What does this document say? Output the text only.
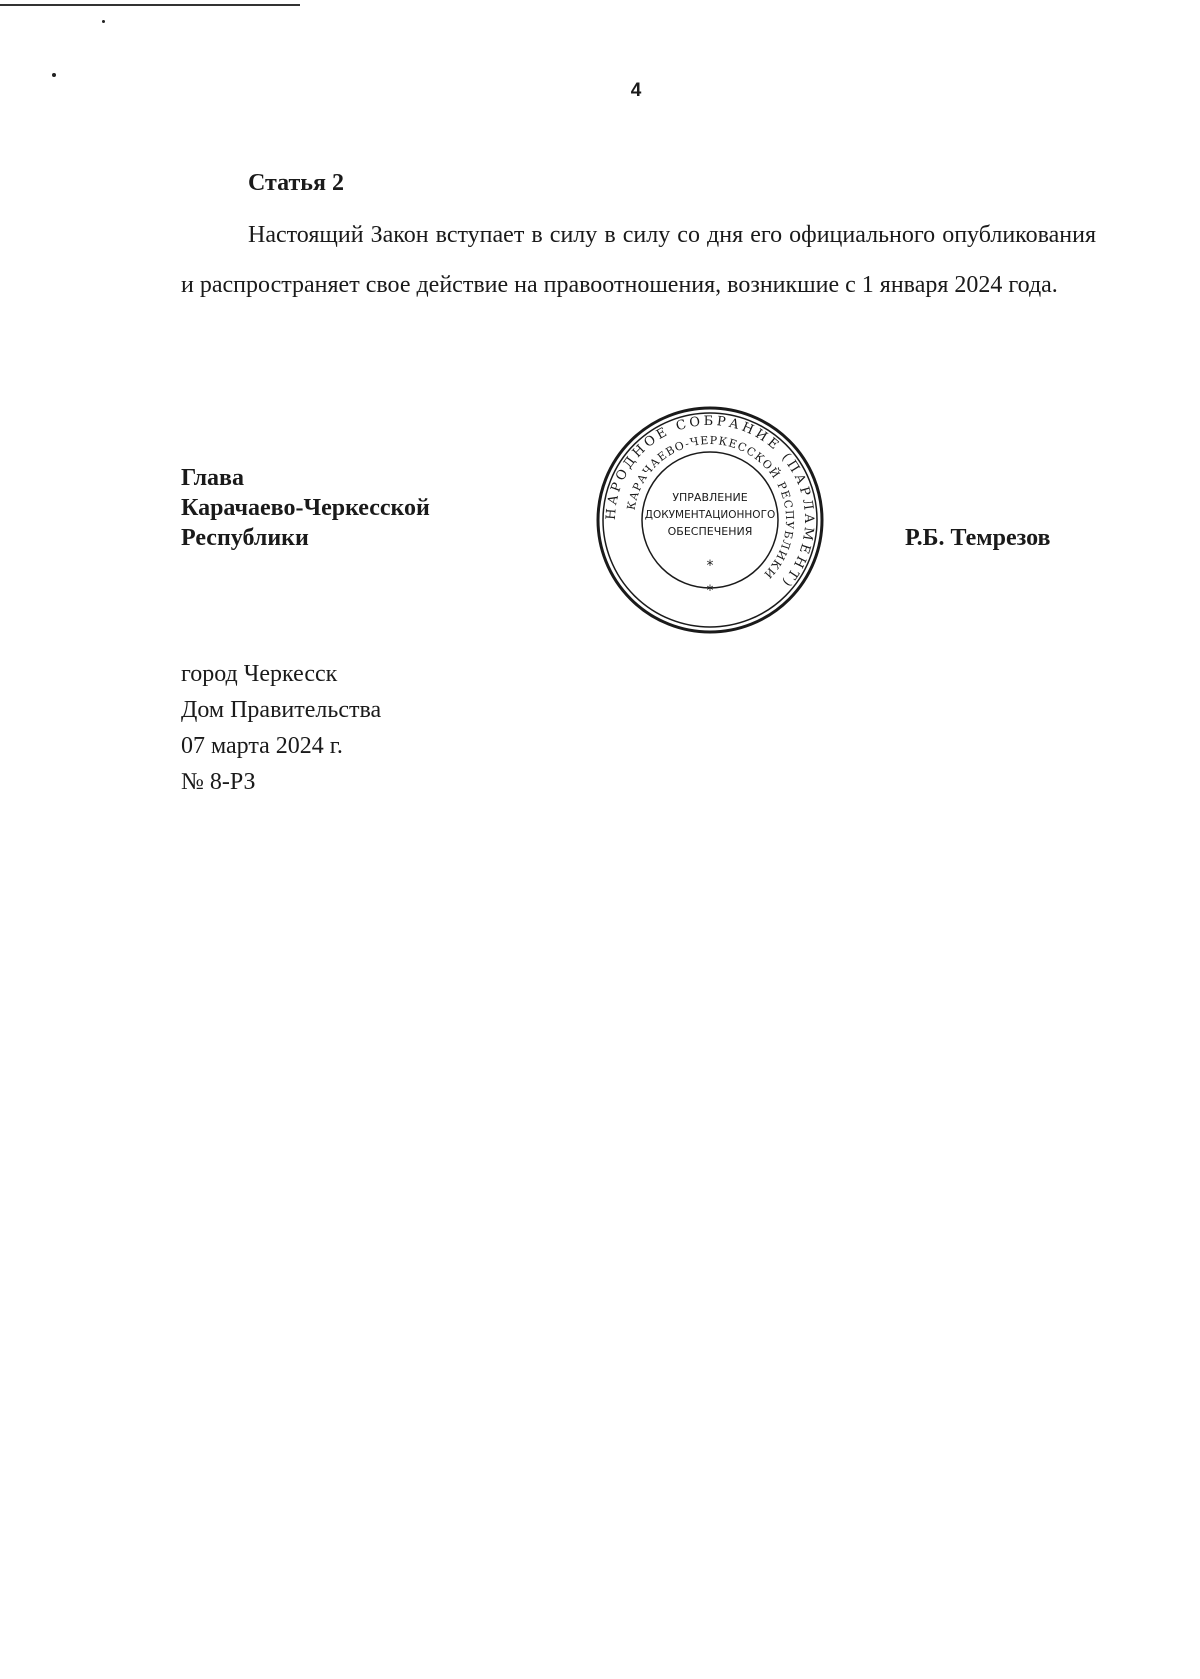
4
Статья 2

Настоящий Закон вступает в силу в силу со дня его официального опубликования и распространяет свое действие на правоотношения, возникшие с 1 января 2024 года.

Глава
Карачаево-Черкесской
Республики
НАРОДНОЕ СОБРАНИЕ (ПАРЛАМЕНТ)
КАРАЧАЕВО-ЧЕРКЕССКОЙ РЕСПУБЛИКИ
УПРАВЛЕНИЕ
ДОКУМЕНТАЦИОННОГО
ОБЕСПЕЧЕНИЯ
*
*
Р.Б. Темрезов
город Черкесск
Дом Правительства
07 марта 2024 г.
№ 8-РЗ
